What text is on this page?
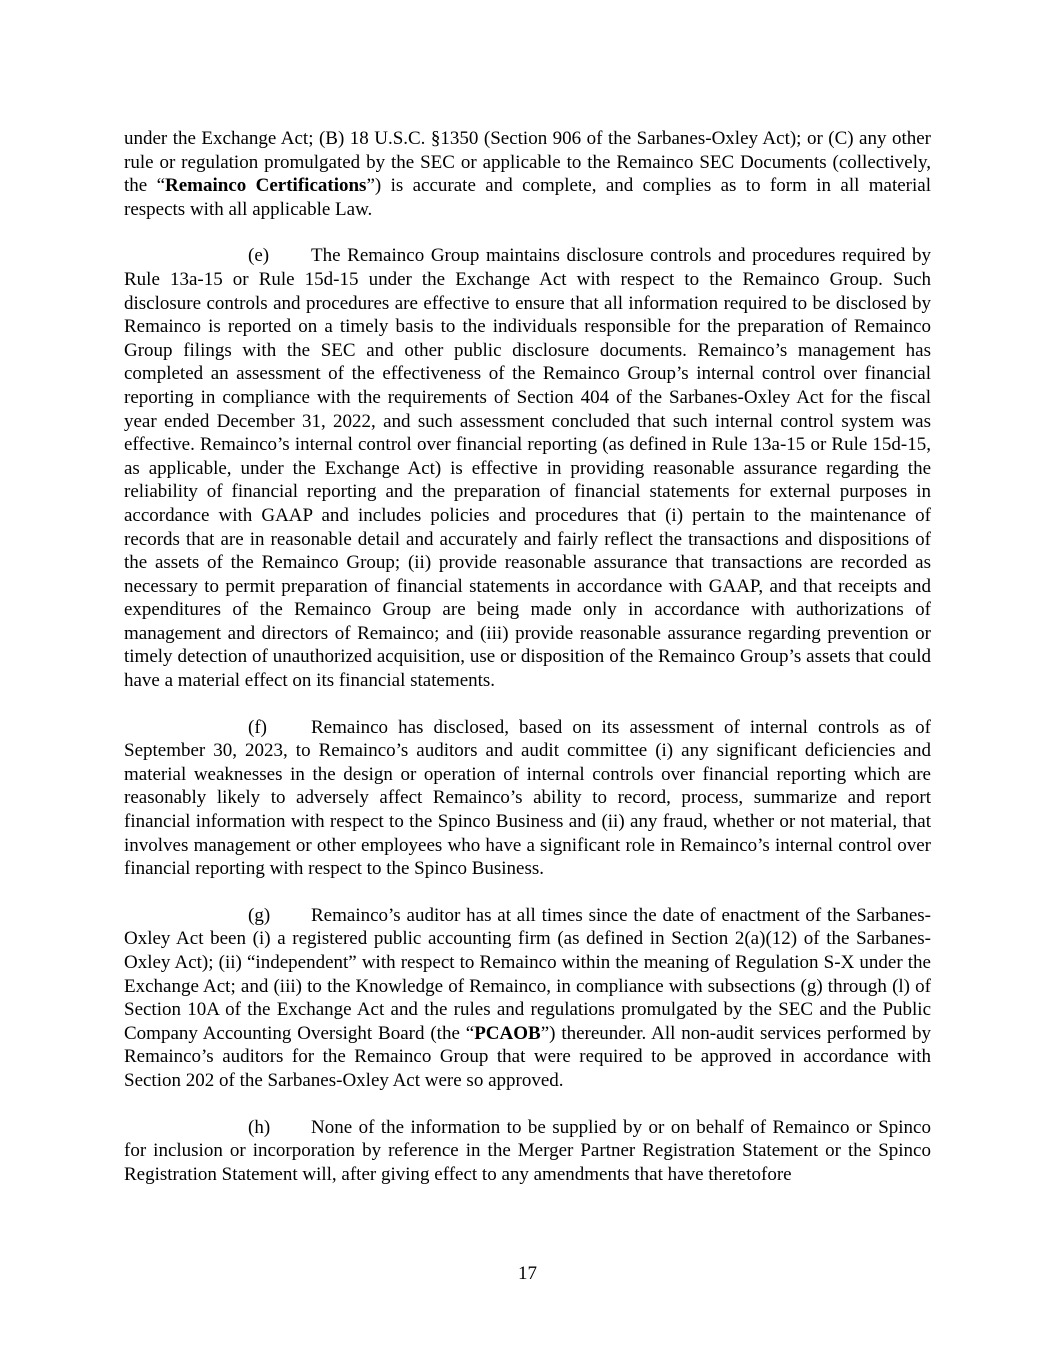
under the Exchange Act; (B) 18 U.S.C. §1350 (Section 906 of the Sarbanes-Oxley Act); or (C) any other rule or regulation promulgated by the SEC or applicable to the Remainco SEC Documents (collectively, the “Remainco Certifications”) is accurate and complete, and complies as to form in all material respects with all applicable Law.

(e) The Remainco Group maintains disclosure controls and procedures required by Rule 13a-15 or Rule 15d-15 under the Exchange Act with respect to the Remainco Group. Such disclosure controls and procedures are effective to ensure that all information required to be disclosed by Remainco is reported on a timely basis to the individuals responsible for the preparation of Remainco Group filings with the SEC and other public disclosure documents. Remainco’s management has completed an assessment of the effectiveness of the Remainco Group’s internal control over financial reporting in compliance with the requirements of Section 404 of the Sarbanes-Oxley Act for the fiscal year ended December 31, 2022, and such assessment concluded that such internal control system was effective. Remainco’s internal control over financial reporting (as defined in Rule 13a-15 or Rule 15d-15, as applicable, under the Exchange Act) is effective in providing reasonable assurance regarding the reliability of financial reporting and the preparation of financial statements for external purposes in accordance with GAAP and includes policies and procedures that (i) pertain to the maintenance of records that are in reasonable detail and accurately and fairly reflect the transactions and dispositions of the assets of the Remainco Group; (ii) provide reasonable assurance that transactions are recorded as necessary to permit preparation of financial statements in accordance with GAAP, and that receipts and expenditures of the Remainco Group are being made only in accordance with authorizations of management and directors of Remainco; and (iii) provide reasonable assurance regarding prevention or timely detection of unauthorized acquisition, use or disposition of the Remainco Group’s assets that could have a material effect on its financial statements.

(f) Remainco has disclosed, based on its assessment of internal controls as of September 30, 2023, to Remainco’s auditors and audit committee (i) any significant deficiencies and material weaknesses in the design or operation of internal controls over financial reporting which are reasonably likely to adversely affect Remainco’s ability to record, process, summarize and report financial information with respect to the Spinco Business and (ii) any fraud, whether or not material, that involves management or other employees who have a significant role in Remainco’s internal control over financial reporting with respect to the Spinco Business.

(g) Remainco’s auditor has at all times since the date of enactment of the Sarbanes-Oxley Act been (i) a registered public accounting firm (as defined in Section 2(a)(12) of the Sarbanes-Oxley Act); (ii) “independent” with respect to Remainco within the meaning of Regulation S-X under the Exchange Act; and (iii) to the Knowledge of Remainco, in compliance with subsections (g) through (l) of Section 10A of the Exchange Act and the rules and regulations promulgated by the SEC and the Public Company Accounting Oversight Board (the “PCAOB”) thereunder. All non-audit services performed by Remainco’s auditors for the Remainco Group that were required to be approved in accordance with Section 202 of the Sarbanes-Oxley Act were so approved.

(h) None of the information to be supplied by or on behalf of Remainco or Spinco for inclusion or incorporation by reference in the Merger Partner Registration Statement or the Spinco Registration Statement will, after giving effect to any amendments that have theretofore

17
